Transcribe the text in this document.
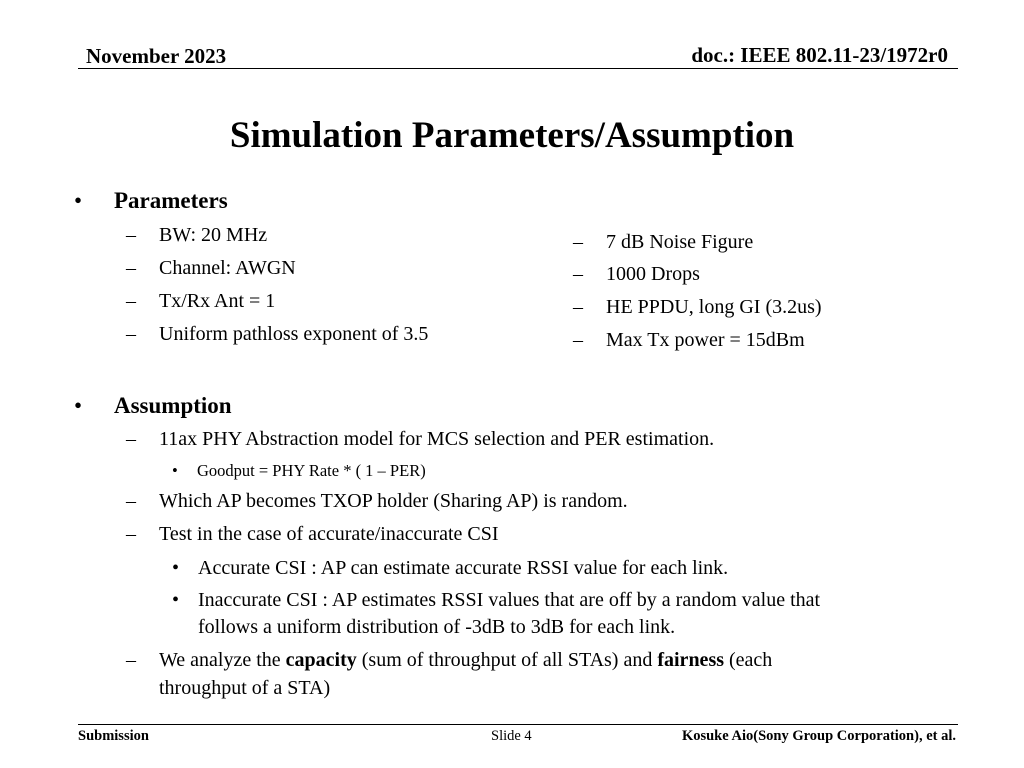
November 2023	doc.: IEEE 802.11-23/1972r0
Simulation Parameters/Assumption
• Parameters
– BW: 20 MHz
– Channel: AWGN
– Tx/Rx Ant = 1
– Uniform pathloss exponent of 3.5
– 7 dB Noise Figure
– 1000 Drops
– HE PPDU, long GI (3.2us)
– Max Tx power = 15dBm
• Assumption
– 11ax PHY Abstraction model for MCS selection and PER estimation.
• Goodput = PHY Rate * ( 1 – PER)
– Which AP becomes TXOP holder (Sharing AP) is random.
– Test in the case of accurate/inaccurate CSI
• Accurate CSI : AP can estimate accurate RSSI value for each link.
• Inaccurate CSI : AP estimates RSSI values that are off by a random value that
follows a uniform distribution of -3dB to 3dB for each link.
– We analyze the capacity (sum of throughput of all STAs) and fairness (each
throughput of a STA)
Submission	Slide 4	Kosuke Aio(Sony Group Corporation), et al.
